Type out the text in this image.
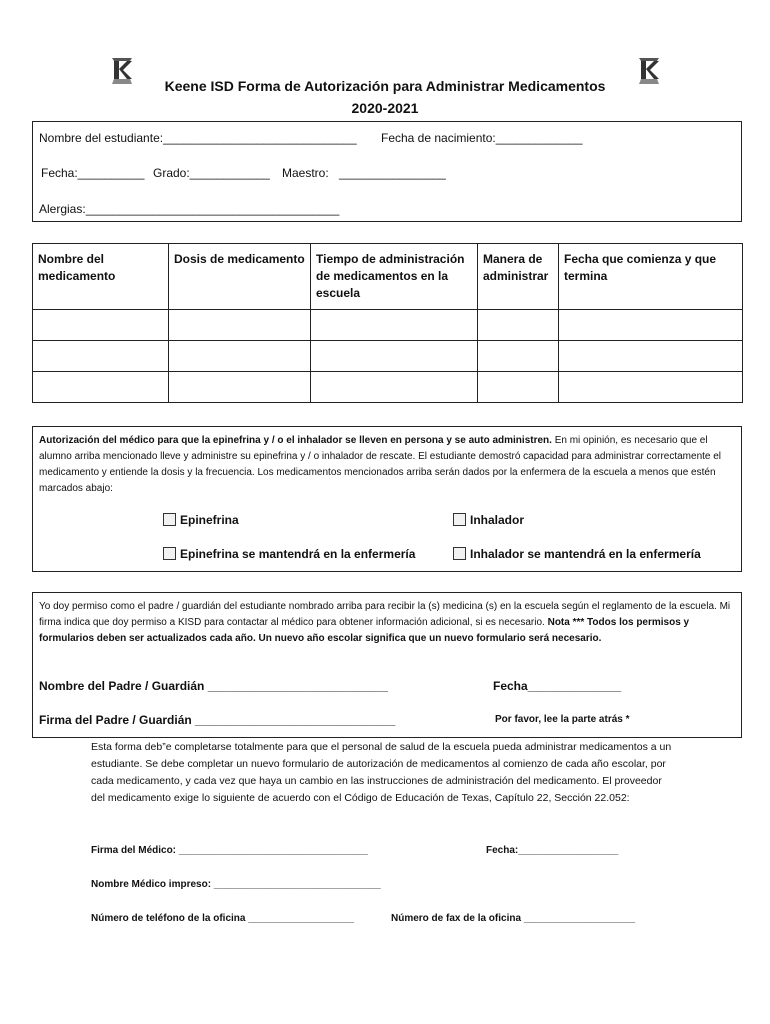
Keene ISD Forma de Autorización para Administrar Medicamentos
2020-2021
Nombre del estudiante:_____________________________ Fecha de nacimiento:_____________
Fecha:__________ Grado:____________ Maestro: ________________
Alergias:______________________________________
Nombre del medicamento	Dosis de medicamento	Tiempo de administración de medicamentos en la escuela	Manera de administrar	Fecha que comienza y que termina

Autorización del médico para que la epinefrina y / o el inhalador se lleven en persona y se auto administren. En mi opinión, es necesario que el alumno arriba mencionado lleve y administre su epinefrina y / o inhalador de rescate. El estudiante demostró capacidad para administrar correctamente el medicamento y entiende la dosis y la frecuencia. Los medicamentos mencionados arriba serán dados por la enfermera de la escuela a menos que estén marcados abajo:
Epinefrina	Inhalador
Epinefrina se mantendrá en la enfermería	Inhalador se mantendrá en la enfermería
Yo doy permiso como el padre / guardián del estudiante nombrado arriba para recibir la (s) medicina (s) en la escuela según el reglamento de la escuela. Mi firma indica que doy permiso a KISD para contactar al médico para obtener información adicional, si es necesario. Nota *** Todos los permisos y formularios deben ser actualizados cada año. Un nuevo año escolar significa que un nuevo formulario será necesario.
Nombre del Padre / Guardián ___________________________	Fecha______________
Firma del Padre / Guardián ______________________________	Por favor, lee la parte atrás *
Esta forma deb”e completarse totalmente para que el personal de salud de la escuela pueda administrar medicamentos a un estudiante. Se debe completar un nuevo formulario de autorización de medicamentos al comienzo de cada año escolar, por cada medicamento, y cada vez que haya un cambio en las instrucciones de administración del medicamento. El proveedor del medicamento exige lo siguiente de acuerdo con el Código de Educación de Texas, Capítulo 22, Sección 22.052:
Firma del Médico: __________________________________	Fecha:__________________
Nombre Médico impreso: ______________________________
Número de teléfono de la oficina ___________________	Número de fax de la oficina ____________________
